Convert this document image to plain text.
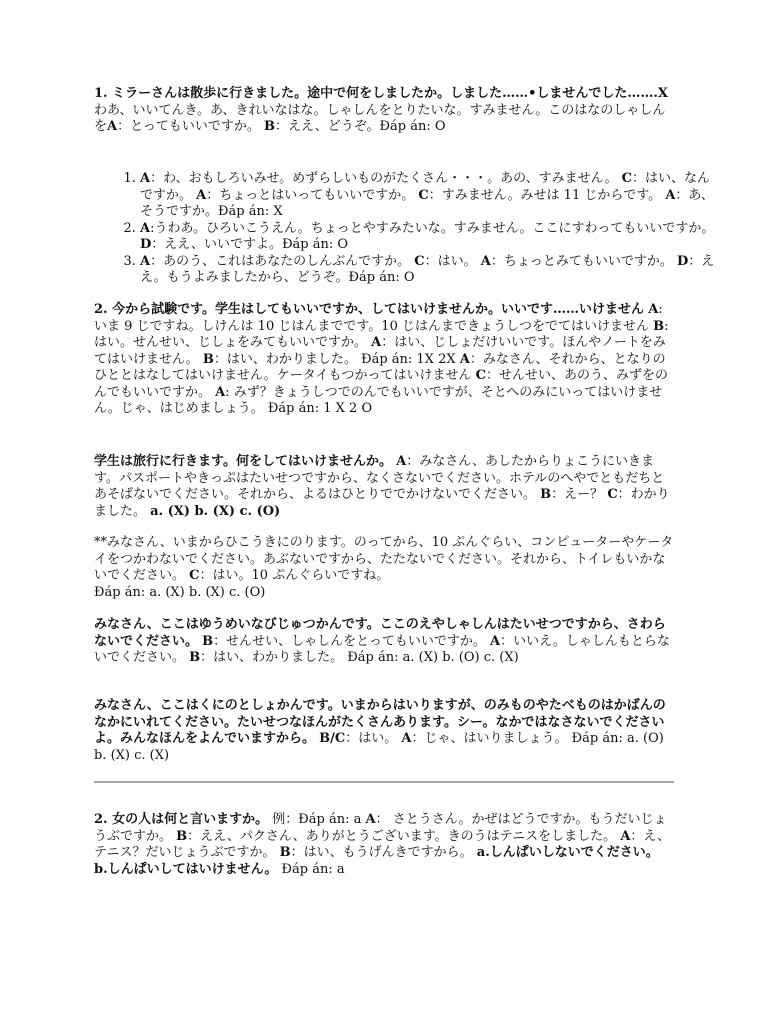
1. ミラーさんは散歩に行きました。途中で何をしましたか。しました……•しませんでした…….Xわあ、いいてんき。あ、きれいなはな。しゃしんをとりたいな。すみません。このはなのしゃしんをA：とってもいいですか。 B：ええ、どうぞ。Đáp án: O

1. A：わ、おもしろいみせ。めずらしいものがたくさん・・・。あの、すみません。 C：はい、なんですか。 A：ちょっとはいってもいいですか。 C：すみません。みせは 11 じからです。 A：あ、そうですか。Đáp án: X
2. A:うわあ。ひろいこうえん。ちょっとやすみたいな。すみません。ここにすわってもいいですか。 D：ええ、いいですよ。Đáp án: O
3. A：あのう、これはあなたのしんぶんですか。 C：はい。 A：ちょっとみてもいいですか。 D：ええ。もうよみましたから、どうぞ。Đáp án: O

2. 今から試験です。学生はしてもいいですか、してはいけませんか。いいです……いけません A: いま 9 じですね。しけんは 10 じはんまでです。10 じはんまできょうしつをでてはいけません B: はい。せんせい、じしょをみてもいいですか。 A：はい、じしょだけいいです。ほんやノートをみてはいけません。 B：はい、わかりました。 Đáp án: 1X 2X A：みなさん、それから、となりのひととはなしてはいけません。ケータイもつかってはいけません C：せんせい、あのう、みずをのんでもいいですか。 A: みず？きょうしつでのんでもいいですが、そとへのみにいってはいけません。じゃ、はじめましょう。 Đáp án: 1 X 2 O

学生は旅行に行きます。何をしてはいけませんか。 A：みなさん、あしたからりょこうにいきます。パスポートやきっぷはたいせつですから、なくさないでください。ホテルのへやでともだちとあそばないでください。それから、よるはひとりででかけないでください。 B：えー？ C：わかりました。 a. (X) b. (X) c. (O)

**みなさん、いまからひこうきにのります。のってから、10 ぷんぐらい、コンピューターやケータイをつかわないでください。あぶないですから、たたないでください。それから、トイレもいかないでください。 C：はい。10 ぷんぐらいですね。
Đáp án: a. (X) b. (X) c. (O)

みなさん、ここはゆうめいなびじゅつかんです。ここのえやしゃしんはたいせつですから、さわらないでください。 B：せんせい、しゃしんをとってもいいですか。 A：いいえ。しゃしんもとらないでください。 B：はい、わかりました。 Đáp án: a. (X) b. (O) c. (X)

みなさん、ここはくにのとしょかんです。いまからはいりますが、のみものやたべものはかばんのなかにいれてください。たいせつなほんがたくさんあります。シー。なかではなさないでくださいよ。みんなほんをよんでいますから。 B/C：はい。 A：じゃ、はいりましょう。 Đáp án: a. (O) b. (X) c. (X)

2. 女の人は何と言いますか。 例：Đáp án: a A： さとうさん。かぜはどうですか。もうだいじょうぶですか。 B：ええ、パクさん、ありがとうございます。きのうはテニスをしました。 A：え、テニス？だいじょうぶですか。 B：はい、もうげんきですから。 a.しんぱいしないでください。 b.しんぱいしてはいけません。 Đáp án: a
